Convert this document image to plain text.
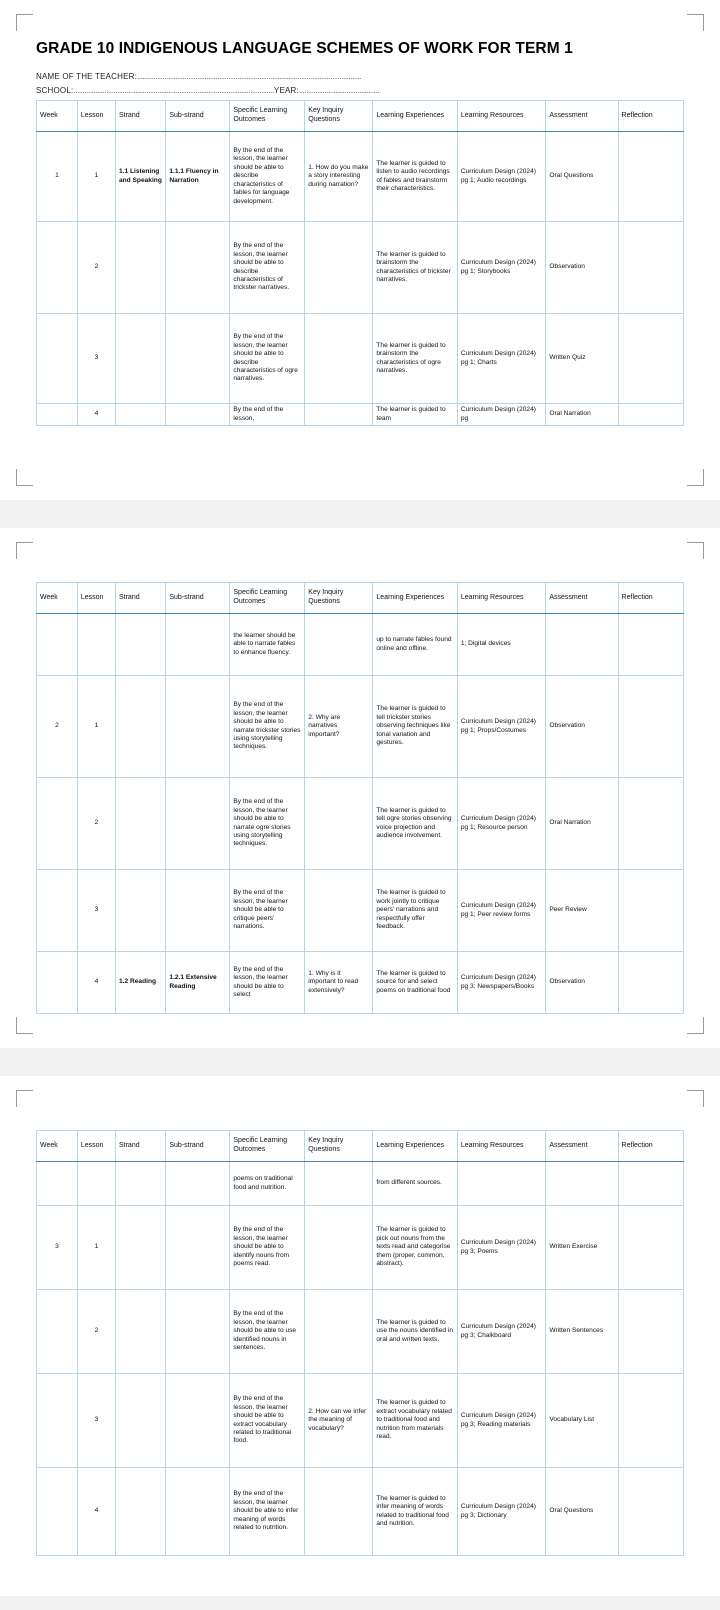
GRADE 10 INDIGENOUS LANGUAGE SCHEMES OF WORK FOR TERM 1

NAME OF THE TEACHER:...........................................................................................................................

SCHOOL:..............................................................................................................YEAR:............................................

Week	Lesson	Strand	Sub-strand	Specific Learning Outcomes	Key Inquiry Questions	Learning Experiences	Learning Resources	Assessment	Reflection
1	1	1.1 Listening and Speaking	1.1.1 Fluency in Narration	By the end of the lesson, the learner should be able to describe characteristics of fables for language development.	1. How do you make a story interesting during narration?	The learner is guided to listen to audio recordings of fables and brainstorm their characteristics.	Curriculum Design (2024) pg 1; Audio recordings	Oral Questions	
	2			By the end of the lesson, the learner should be able to describe characteristics of trickster narratives.		The learner is guided to brainstorm the characteristics of trickster narratives.	Curriculum Design (2024) pg 1; Storybooks	Observation	
	3			By the end of the lesson, the learner should be able to describe characteristics of ogre narratives.		The learner is guided to brainstorm the characteristics of ogre narratives.	Curriculum Design (2024) pg 1; Charts	Written Quiz	
	4			By the end of the lesson,		The learner is guided to team	Curriculum Design (2024) pg	Oral Narration	
Week	Lesson	Strand	Sub-strand	Specific Learning Outcomes	Key Inquiry Questions	Learning Experiences	Learning Resources	Assessment	Reflection
				the learner should be able to narrate fables to enhance fluency.		up to narrate fables found online and offline.	1; Digital devices		
2	1			By the end of the lesson, the learner should be able to narrate trickster stories using storytelling techniques.	2. Why are narratives important?	The learner is guided to tell trickster stories observing techniques like tonal variation and gestures.	Curriculum Design (2024) pg 1; Props/Costumes	Observation	
	2			By the end of the lesson, the learner should be able to narrate ogre stories using storytelling techniques.		The learner is guided to tell ogre stories observing voice projection and audience involvement.	Curriculum Design (2024) pg 1; Resource person	Oral Narration	
	3			By the end of the lesson, the learner should be able to critique peers' narrations.		The learner is guided to work jointly to critique peers' narrations and respectfully offer feedback.	Curriculum Design (2024) pg 1; Peer review forms	Peer Review	
	4	1.2 Reading	1.2.1 Extensive Reading	By the end of the lesson, the learner should be able to select	1. Why is it important to read extensively?	The learner is guided to source for and select poems on traditional food	Curriculum Design (2024) pg 3; Newspapers/Books	Observation	
Week	Lesson	Strand	Sub-strand	Specific Learning Outcomes	Key Inquiry Questions	Learning Experiences	Learning Resources	Assessment	Reflection
				poems on traditional food and nutrition.		from different sources.			
3	1			By the end of the lesson, the learner should be able to identify nouns from poems read.		The learner is guided to pick out nouns from the texts read and categorise them (proper, common, abstract).	Curriculum Design (2024) pg 3; Poems	Written Exercise	
	2			By the end of the lesson, the learner should be able to use identified nouns in sentences.		The learner is guided to use the nouns identified in oral and written texts.	Curriculum Design (2024) pg 3; Chalkboard	Written Sentences	
	3			By the end of the lesson, the learner should be able to extract vocabulary related to traditional food.	2. How can we infer the meaning of vocabulary?	The learner is guided to extract vocabulary related to traditional food and nutrition from materials read.	Curriculum Design (2024) pg 3; Reading materials	Vocabulary List	
	4			By the end of the lesson, the learner should be able to infer meaning of words related to nutrition.		The learner is guided to infer meaning of words related to traditional food and nutrition.	Curriculum Design (2024) pg 3; Dictionary	Oral Questions	
